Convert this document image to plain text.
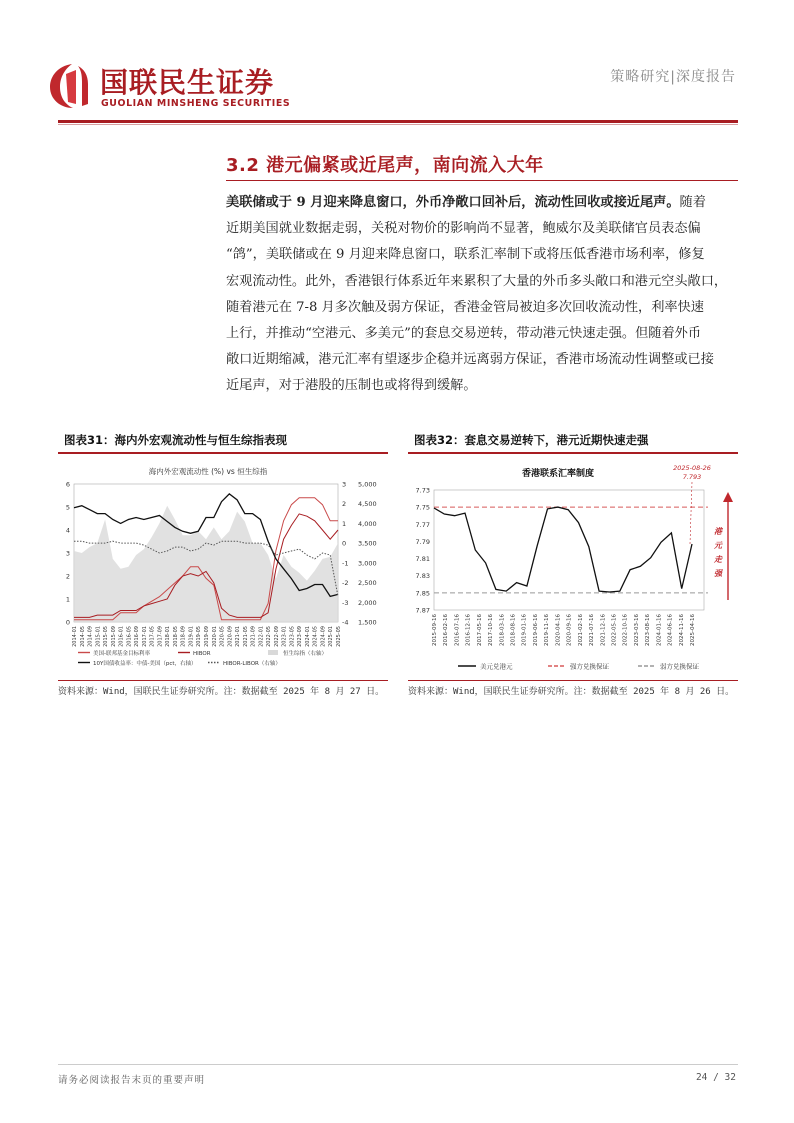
国联民生证券
GUOLIAN MINSHENG SECURITIES
策略研究|深度报告
3.2 港元偏紧或近尾声，南向流入大年
美联储或于 9 月迎来降息窗口，外币净敞口回补后，流动性回收或接近尾声。随着
近期美国就业数据走弱，关税对物价的影响尚不显著，鲍威尔及美联储官员表态偏
“鸽”，美联储或在 9 月迎来降息窗口，联系汇率制下或将压低香港市场利率，修复
宏观流动性。此外，香港银行体系近年来累积了大量的外币多头敞口和港元空头敞口，
随着港元在 7-8 月多次触及弱方保证，香港金管局被迫多次回收流动性，利率快速
上行，并推动“空港元、多美元”的套息交易逆转，带动港元快速走强。但随着外币
敞口近期缩减，港元汇率有望逐步企稳并远离弱方保证，香港市场流动性调整或已接
近尾声，对于港股的压制也或将得到缓解。
图表31：海内外宏观流动性与恒生综指表现
海内外宏观流动性 (%) vs 恒生综指
0
1
2
3
4
5
6
-4
-3
-2
-1
0
1
2
3
1,500
2,000
2,500
3,000
3,500
4,000
4,500
5,000
2014-01 2014-05 2014-09 2015-01 2015-05 2015-09 2016-01 2016-05 2016-09 2017-01 2017-05 2017-09 2018-01 2018-05 2018-09 2019-01 2019-05 2019-09 2020-01 2020-05 2020-09 2021-01 2021-05 2021-09 2022-01 2022-05 2022-09 2023-01 2023-05 2023-09 2024-01 2024-05 2024-09 2025-01 2025-05
美国-联邦基金目标利率	HIBOR	恒生综指（右轴）
10Y国债收益率：中债-美国（pct，右轴）	HIBOR-LIBOR（右轴）
资料来源：Wind，国联民生证券研究所。注：数据截至 2025 年 8 月 27 日。
图表32：套息交易逆转下，港元近期快速走强
香港联系汇率制度
7.73
7.75
7.77
7.79
7.81
7.83
7.85
7.87
2025-08-26
7.793
港
元
走
强
2015-09-16 2016-02-16 2016-07-16 2016-12-16 2017-05-16 2017-10-16 2018-03-16 2018-08-16 2019-01-16 2019-06-16 2019-11-16 2020-04-16 2020-09-16 2021-02-16 2021-07-16 2021-12-16 2022-05-16 2022-10-16 2023-03-16 2023-08-16 2024-01-16 2024-06-16 2024-11-16 2025-04-16
美元兑港元	强方兑换保证	弱方兑换保证
资料来源：Wind，国联民生证券研究所。注：数据截至 2025 年 8 月 26 日。
请务必阅读报告末页的重要声明	24 / 32
